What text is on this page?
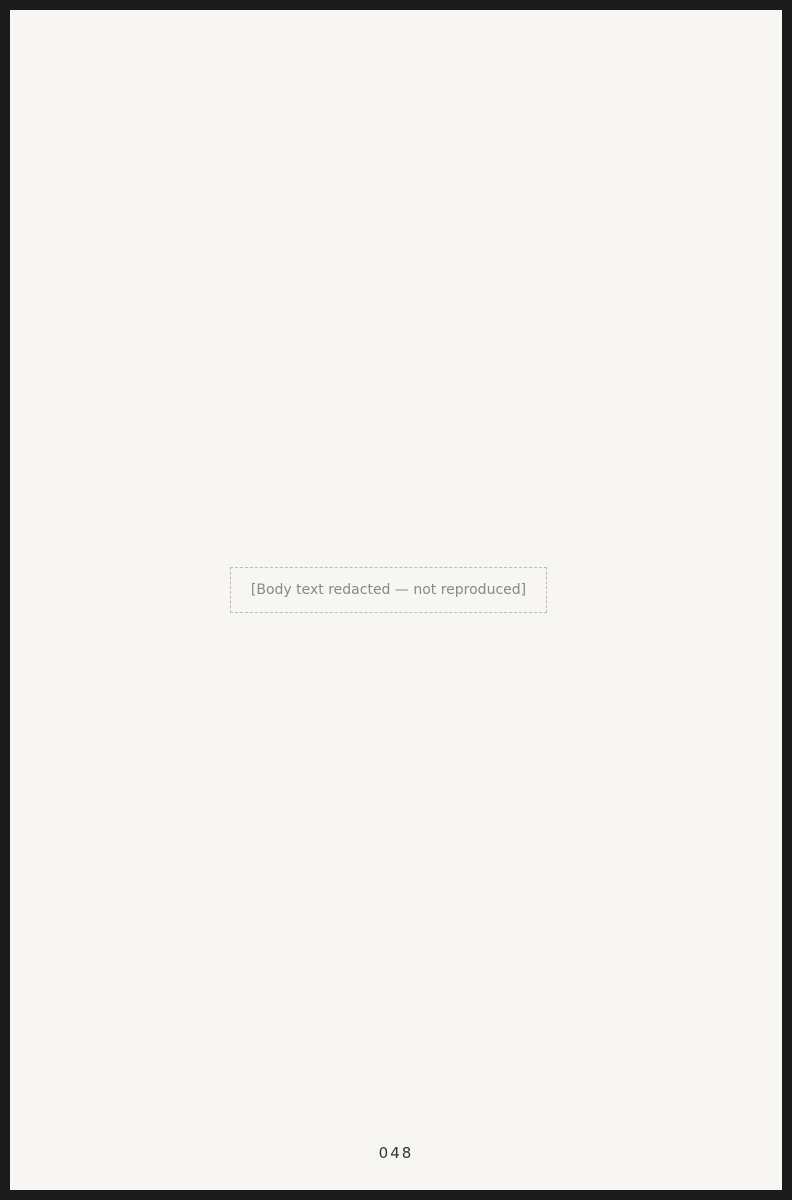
[Body text redacted — not reproduced]
048
